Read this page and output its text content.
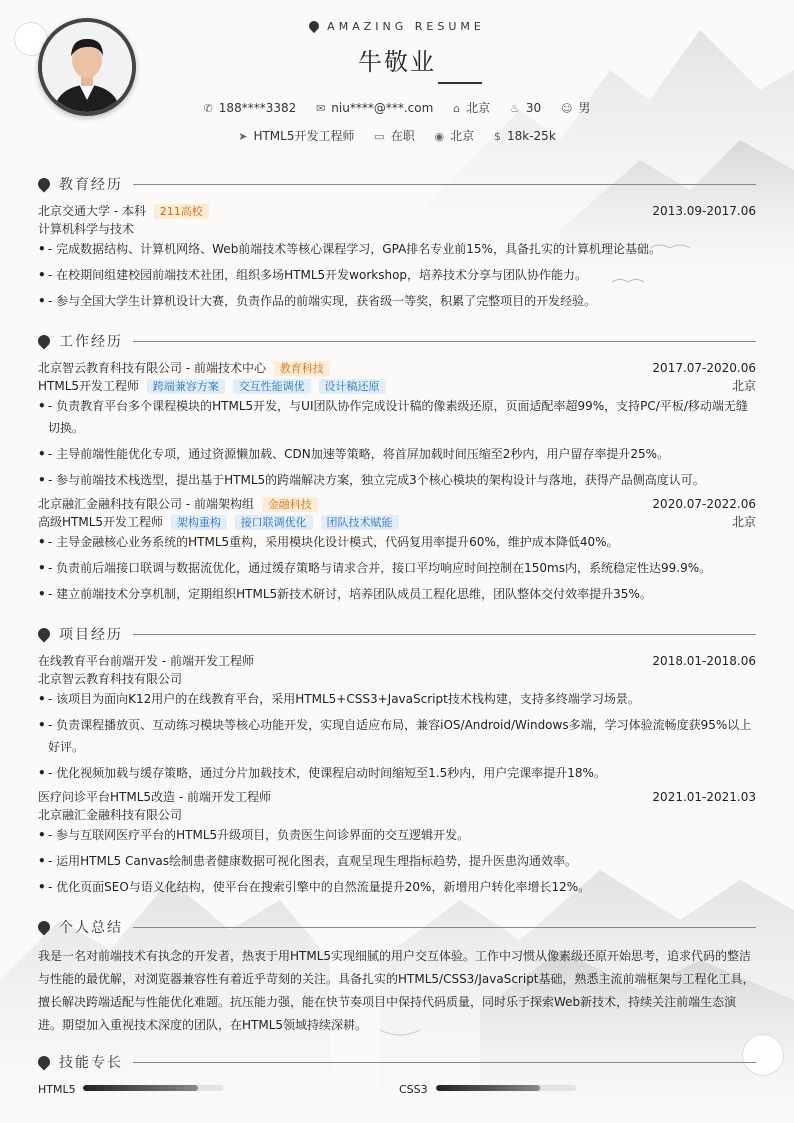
AMAZING RESUME
牛敬业
✆ 188****3382 ✉ niu****@***.com ⌂ 北京 ♨ 30 ☺ 男
➤ HTML5开发工程师 ▭ 在职 ◉ 北京 $ 18k-25k
教育经历
北京交通大学 - 本科 211高校	2013.09-2017.06
计算机科学与技术
• - 完成数据结构、计算机网络、Web前端技术等核心课程学习，GPA排名专业前15%，具备扎实的计算机理论基础。
• - 在校期间组建校园前端技术社团，组织多场HTML5开发workshop，培养技术分享与团队协作能力。
• - 参与全国大学生计算机设计大赛，负责作品的前端实现，获省级一等奖，积累了完整项目的开发经验。
工作经历
北京智云教育科技有限公司 - 前端技术中心 教育科技	2017.07-2020.06
HTML5开发工程师 跨端兼容方案 交互性能调优 设计稿还原	北京
• - 负责教育平台多个课程模块的HTML5开发，与UI团队协作完成设计稿的像素级还原，页面适配率超99%，支持PC/平板/移动端无缝切换。
• - 主导前端性能优化专项，通过资源懒加载、CDN加速等策略，将首屏加载时间压缩至2秒内，用户留存率提升25%。
• - 参与前端技术栈选型，提出基于HTML5的跨端解决方案，独立完成3个核心模块的架构设计与落地，获得产品侧高度认可。
北京融汇金融科技有限公司 - 前端架构组 金融科技	2020.07-2022.06
高级HTML5开发工程师 架构重构 接口联调优化 团队技术赋能	北京
• - 主导金融核心业务系统的HTML5重构，采用模块化设计模式，代码复用率提升60%，维护成本降低40%。
• - 负责前后端接口联调与数据流优化，通过缓存策略与请求合并，接口平均响应时间控制在150ms内，系统稳定性达99.9%。
• - 建立前端技术分享机制，定期组织HTML5新技术研讨，培养团队成员工程化思维，团队整体交付效率提升35%。
项目经历
在线教育平台前端开发 - 前端开发工程师	2018.01-2018.06
北京智云教育科技有限公司
• - 该项目为面向K12用户的在线教育平台，采用HTML5+CSS3+JavaScript技术栈构建，支持多终端学习场景。
• - 负责课程播放页、互动练习模块等核心功能开发，实现自适应布局，兼容iOS/Android/Windows多端，学习体验流畅度获95%以上好评。
• - 优化视频加载与缓存策略，通过分片加载技术，使课程启动时间缩短至1.5秒内，用户完课率提升18%。
医疗问诊平台HTML5改造 - 前端开发工程师	2021.01-2021.03
北京融汇金融科技有限公司
• - 参与互联网医疗平台的HTML5升级项目，负责医生问诊界面的交互逻辑开发。
• - 运用HTML5 Canvas绘制患者健康数据可视化图表，直观呈现生理指标趋势，提升医患沟通效率。
• - 优化页面SEO与语义化结构，使平台在搜索引擎中的自然流量提升20%，新增用户转化率增长12%。
个人总结
我是一名对前端技术有执念的开发者，热衷于用HTML5实现细腻的用户交互体验。工作中习惯从像素级还原开始思考，追求代码的整洁与性能的最优解，对浏览器兼容性有着近乎苛刻的关注。具备扎实的HTML5/CSS3/JavaScript基础，熟悉主流前端框架与工程化工具，擅长解决跨端适配与性能优化难题。抗压能力强，能在快节奏项目中保持代码质量，同时乐于探索Web新技术，持续关注前端生态演进。期望加入重视技术深度的团队，在HTML5领域持续深耕。
技能专长
HTML5	CSS3
